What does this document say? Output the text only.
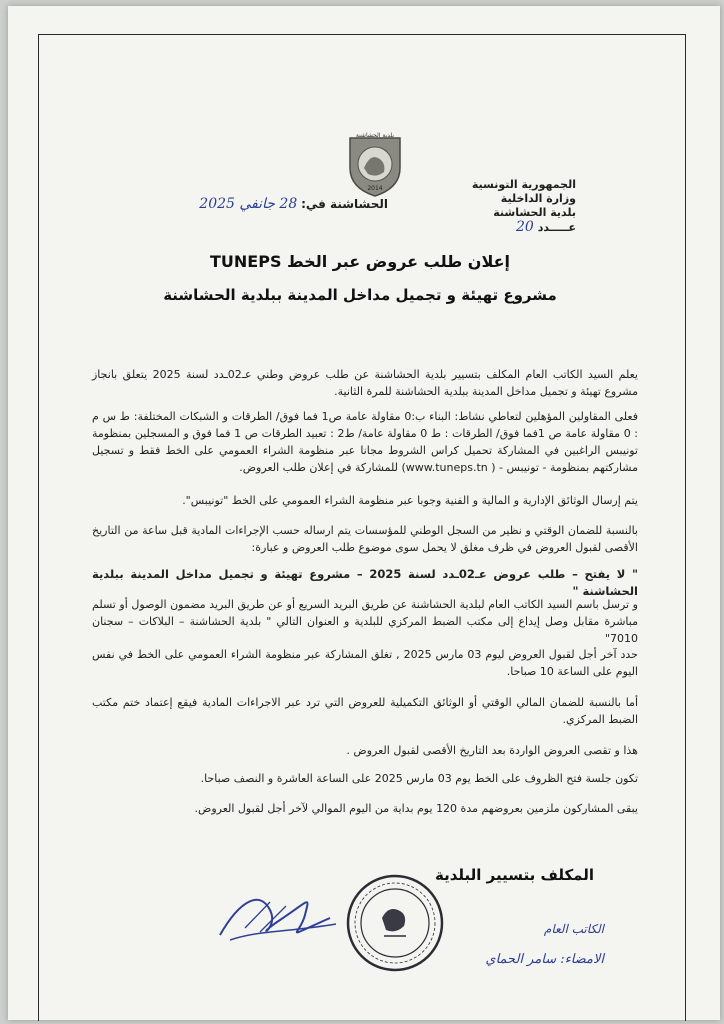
بلدية الحشاشنة
2014	الجمهورية التونسية
وزارة الداخلية
بلدية الحشاشنة
عـــــدد 20
الحشاشنة في: 28 جانفي 2025
إعلان طلب عروض عبر الخط TUNEPS
مشروع تهيئة و تجميل مداخل المدينة ببلدية الحشاشنة
يعلم السيد الكاتب العام المكلف بتسيير بلدية الحشاشنة عن طلب عروض وطني عـ02ـدد لسنة 2025 يتعلق بانجاز مشروع تهيئة و تجميل مداخل المدينة ببلدية الحشاشنة للمرة الثانية.
فعلى المقاولين المؤهلين لتعاطي نشاط: البناء ب:0 مقاولة عامة ص1 فما فوق/ الطرقات و الشبكات المختلفة: ط س م : 0 مقاولة عامة ص 1فما فوق/ الطرقات : ط 0 مقاولة عامة/ ط2 : تعبيد الطرقات ص 1 فما فوق و المسجلين بمنظومة تونيبس الراغبين في المشاركة تحميل كراس الشروط مجانا عبر منظومة الشراء العمومي على الخط فقط و تسجيل مشاركتهم بمنظومة - تونيبس - ( www.tuneps.tn) للمشاركة في إعلان طلب العروض.
يتم إرسال الوثائق الإدارية و المالية و الفنية وجوبا عبر منظومة الشراء العمومي على الخط "تونيبس".
بالنسبة للضمان الوقتي و نظير من السجل الوطني للمؤسسات يتم ارساله حسب الإجراءات المادية قبل ساعة من التاريخ الأقصى لقبول العروض في ظرف مغلق لا يحمل سوى موضوع طلب العروض و عبارة:
" لا يفتح – طلب عروض عـ02ـدد لسنة 2025 – مشروع تهيئة و تجميل مداخل المدينة ببلدية الحشاشنة "
و ترسل باسم السيد الكاتب العام لبلدية الحشاشنة عن طريق البريد السريع أو عن طريق البريد مضمون الوصول أو تسلم مباشرة مقابل وصل إيداع إلى مكتب الضبط المركزي للبلدية و العنوان التالي " بلدية الحشاشنة – البلاكات – سجنان 7010"
حدد آخر أجل لقبول العروض ليوم 03 مارس 2025 , تغلق المشاركة عبر منظومة الشراء العمومي على الخط في نفس اليوم على الساعة 10 صباحا.
أما بالنسبة للضمان المالي الوقتي أو الوثائق التكميلية للعروض التي ترد عبر الاجراءات المادية فيقع إعتماد ختم مكتب الضبط المركزي.
هذا و تقصى العروض الواردة بعد التاريخ الأقصى لقبول العروض .
تكون جلسة فتح الظروف على الخط يوم 03 مارس 2025 على الساعة العاشرة و النصف صباحا.
يبقى المشاركون ملزمين بعروضهم مدة 120 يوم بداية من اليوم الموالي لآخر أجل لقبول العروض.
المكلف بتسيير البلدية
الكاتب العام
الامضاء: سامر الحماي
